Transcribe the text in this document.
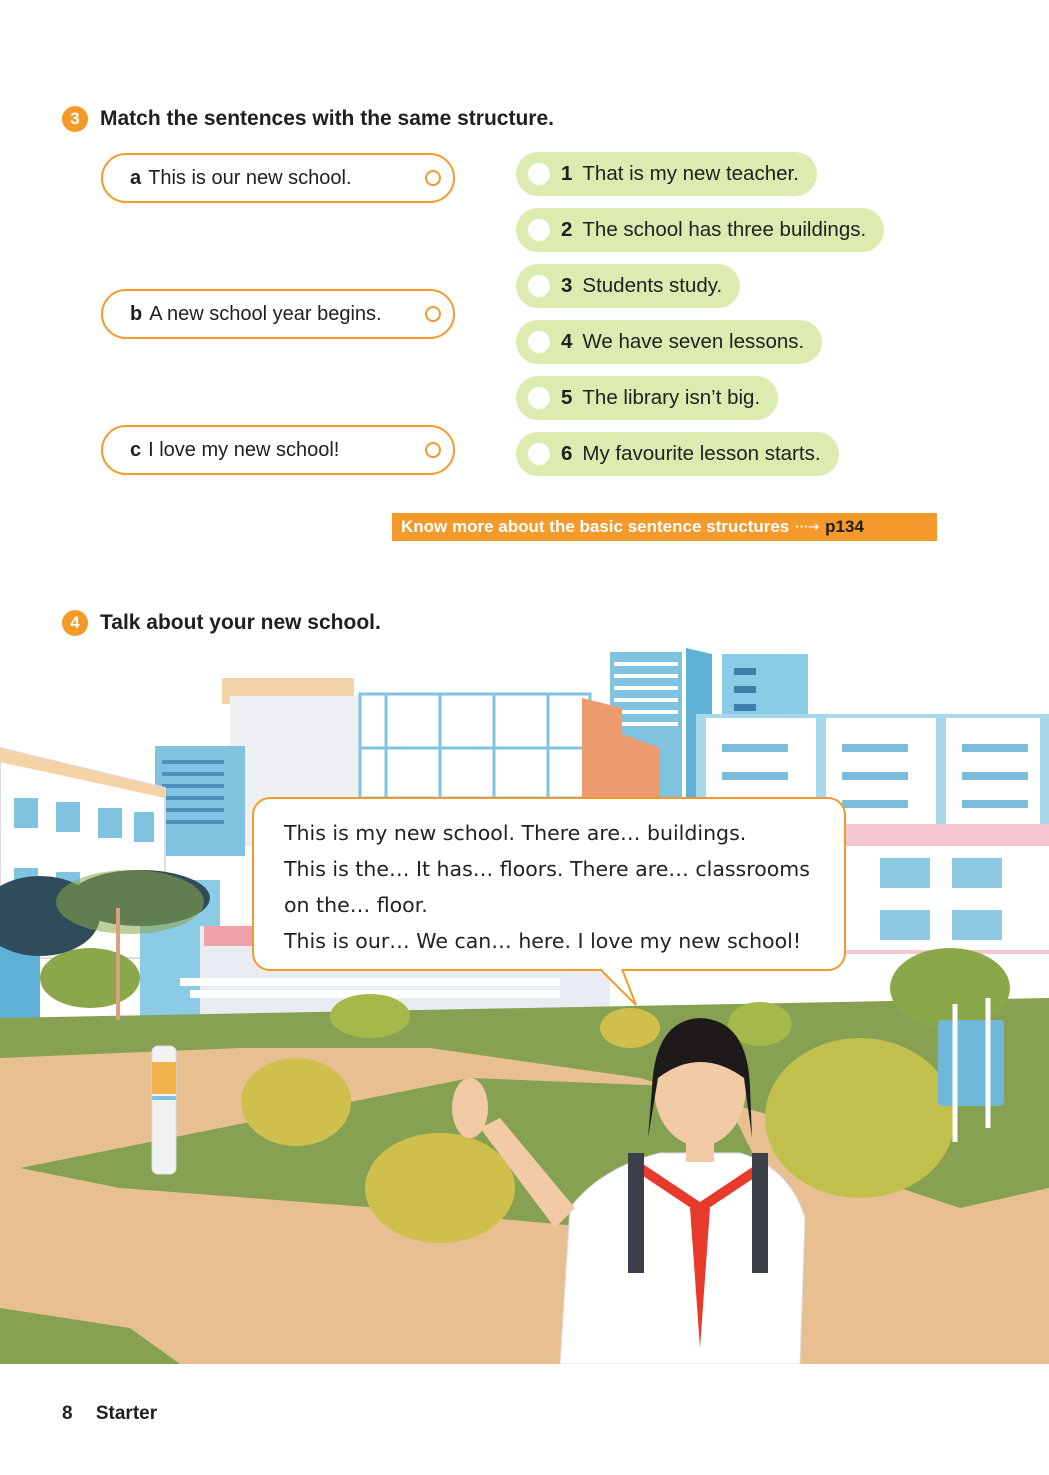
3 Match the sentences with the same structure.
a This is our new school.
b A new school year begins.
c I love my new school!
1 That is my new teacher.
2 The school has three buildings.
3 Students study.
4 We have seven lessons.
5 The library isn’t big.
6 My favourite lesson starts.
Know more about the basic sentence structures ···➝ p134
4 Talk about your new school.
This is my new school. There are… buildings.
This is the… It has… floors. There are… classrooms
on the… floor.
This is our… We can… here. I love my new school!
8 Starter
